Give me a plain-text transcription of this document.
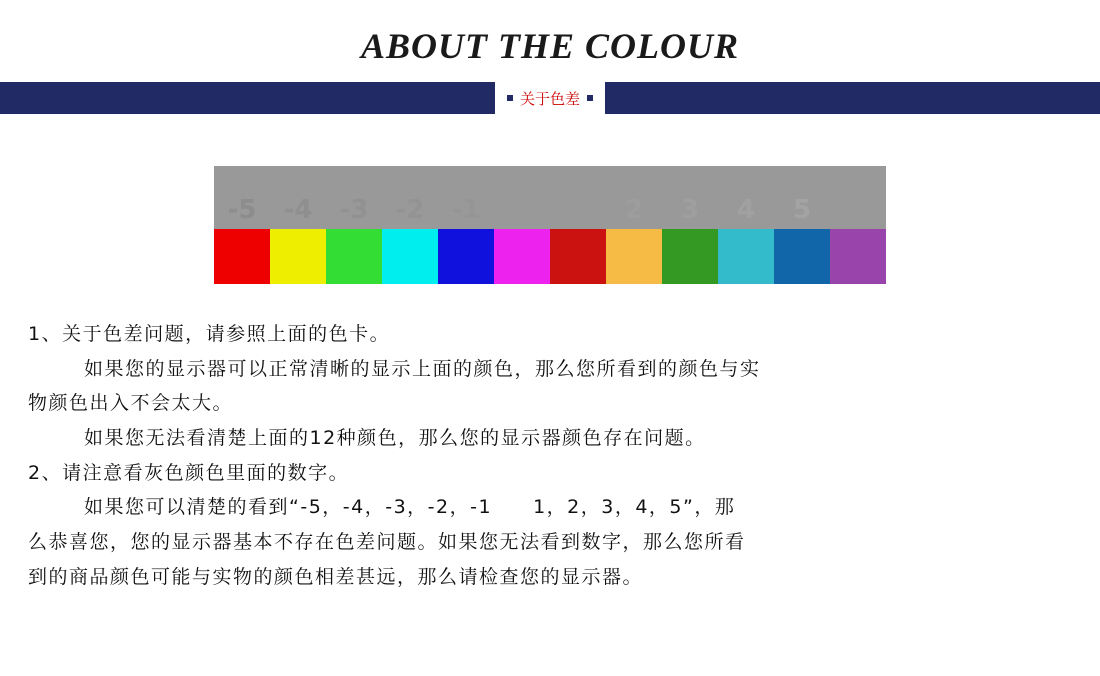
ABOUT THE COLOUR
关于色差
-5	-4	-3	-2	-1	2	3	4	5

1、关于色差问题，请参照上面的色卡。

如果您的显示器可以正常清晰的显示上面的颜色，那么您所看到的颜色与实

物颜色出入不会太大。

如果您无法看清楚上面的12种颜色，那么您的显示器颜色存在问题。

2、请注意看灰色颜色里面的数字。

如果您可以清楚的看到“-5，-4，-3，-2，-1　　1，2，3，4，5”，那

么恭喜您，您的显示器基本不存在色差问题。如果您无法看到数字，那么您所看

到的商品颜色可能与实物的颜色相差甚远，那么请检查您的显示器。
